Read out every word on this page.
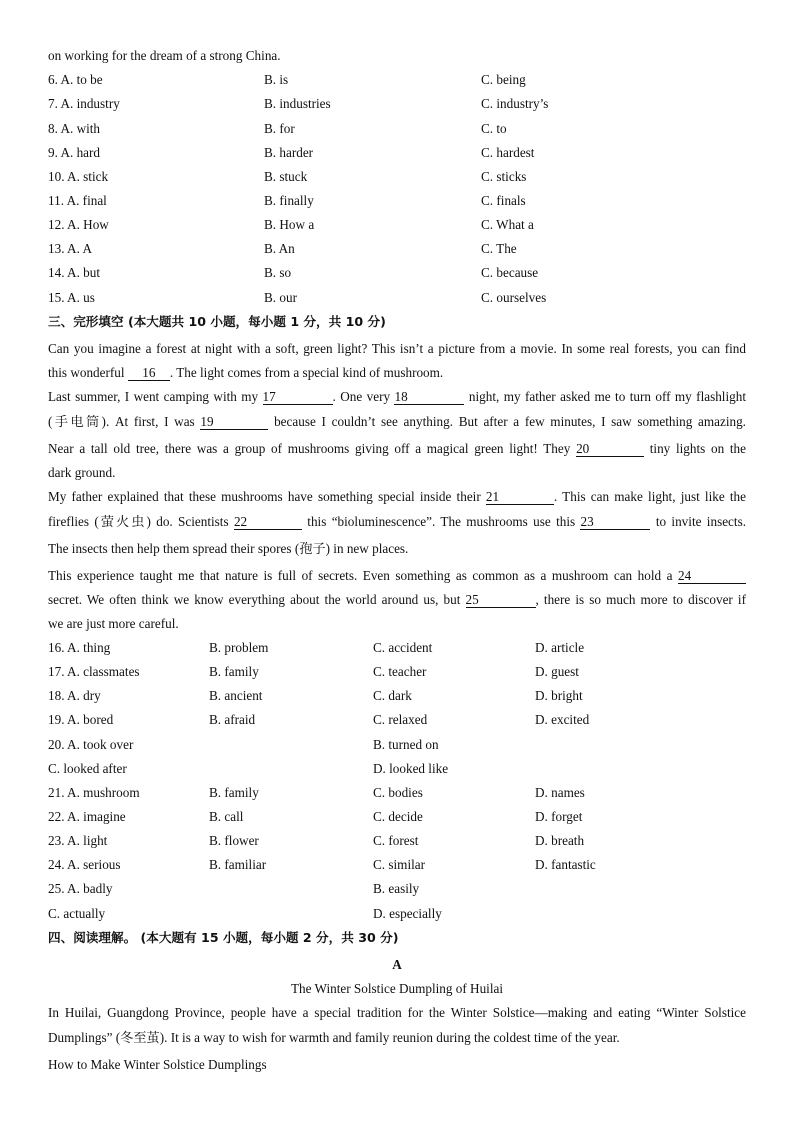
on working for the dream of a strong China.
6. A. to be	B. is	C. being
7. A. industry	B. industries	C. industry’s
8. A. with	B. for	C. to
9. A. hard	B. harder	C. hardest
10. A. stick	B. stuck	C. sticks
11. A. final	B. finally	C. finals
12. A. How	B. How a	C. What a
13. A. A	B. An	C. The
14. A. but	B. so	C. because
15. A. us	B. our	C. ourselves
三、完形填空 (本大题共 10 小题，每小题 1 分，共 10 分)
Can you imagine a forest at night with a soft, green light? This isn’t a picture from a movie. In some real forests, you can find
this wonderful 16 . The light comes from a special kind of mushroom.
Last summer, I went camping with my 17	. One very 18	night, my father asked me to turn off my flashlight
(手电筒). At first, I was 19	because I couldn’t see anything. But after a few minutes, I saw something amazing.
Near a tall old tree, there was a group of mushrooms giving off a magical green light! They 20	tiny lights on the
dark ground.
My father explained that these mushrooms have something special inside their 21	. This can make light, just like the
fireflies (萤火虫) do. Scientists 22	this “bioluminescence”. The mushrooms use this 23	to invite insects.
The insects then help them spread their spores (孢子) in new places.
This experience taught me that nature is full of secrets. Even something as common as a mushroom can hold a 24
secret. We often think we know everything about the world around us, but 25	, there is so much more to discover if
we are just more careful.
16. A. thing	B. problem	C. accident	D. article
17. A. classmates	B. family	C. teacher	D. guest
18. A. dry	B. ancient	C. dark	D. bright
19. A. bored	B. afraid	C. relaxed	D. excited
20. A. took over	B. turned on
C. looked after	D. looked like
21. A. mushroom	B. family	C. bodies	D. names
22. A. imagine	B. call	C. decide	D. forget
23. A. light	B. flower	C. forest	D. breath
24. A. serious	B. familiar	C. similar	D. fantastic
25. A. badly	B. easily
C. actually	D. especially
四、阅读理解。 (本大题有 15 小题，每小题 2 分，共 30 分)
A
The Winter Solstice Dumpling of Huilai
In Huilai, Guangdong Province, people have a special tradition for the Winter Solstice—making and eating “Winter Solstice
Dumplings” (冬至茧). It is a way to wish for warmth and family reunion during the coldest time of the year.
How to Make Winter Solstice Dumplings
